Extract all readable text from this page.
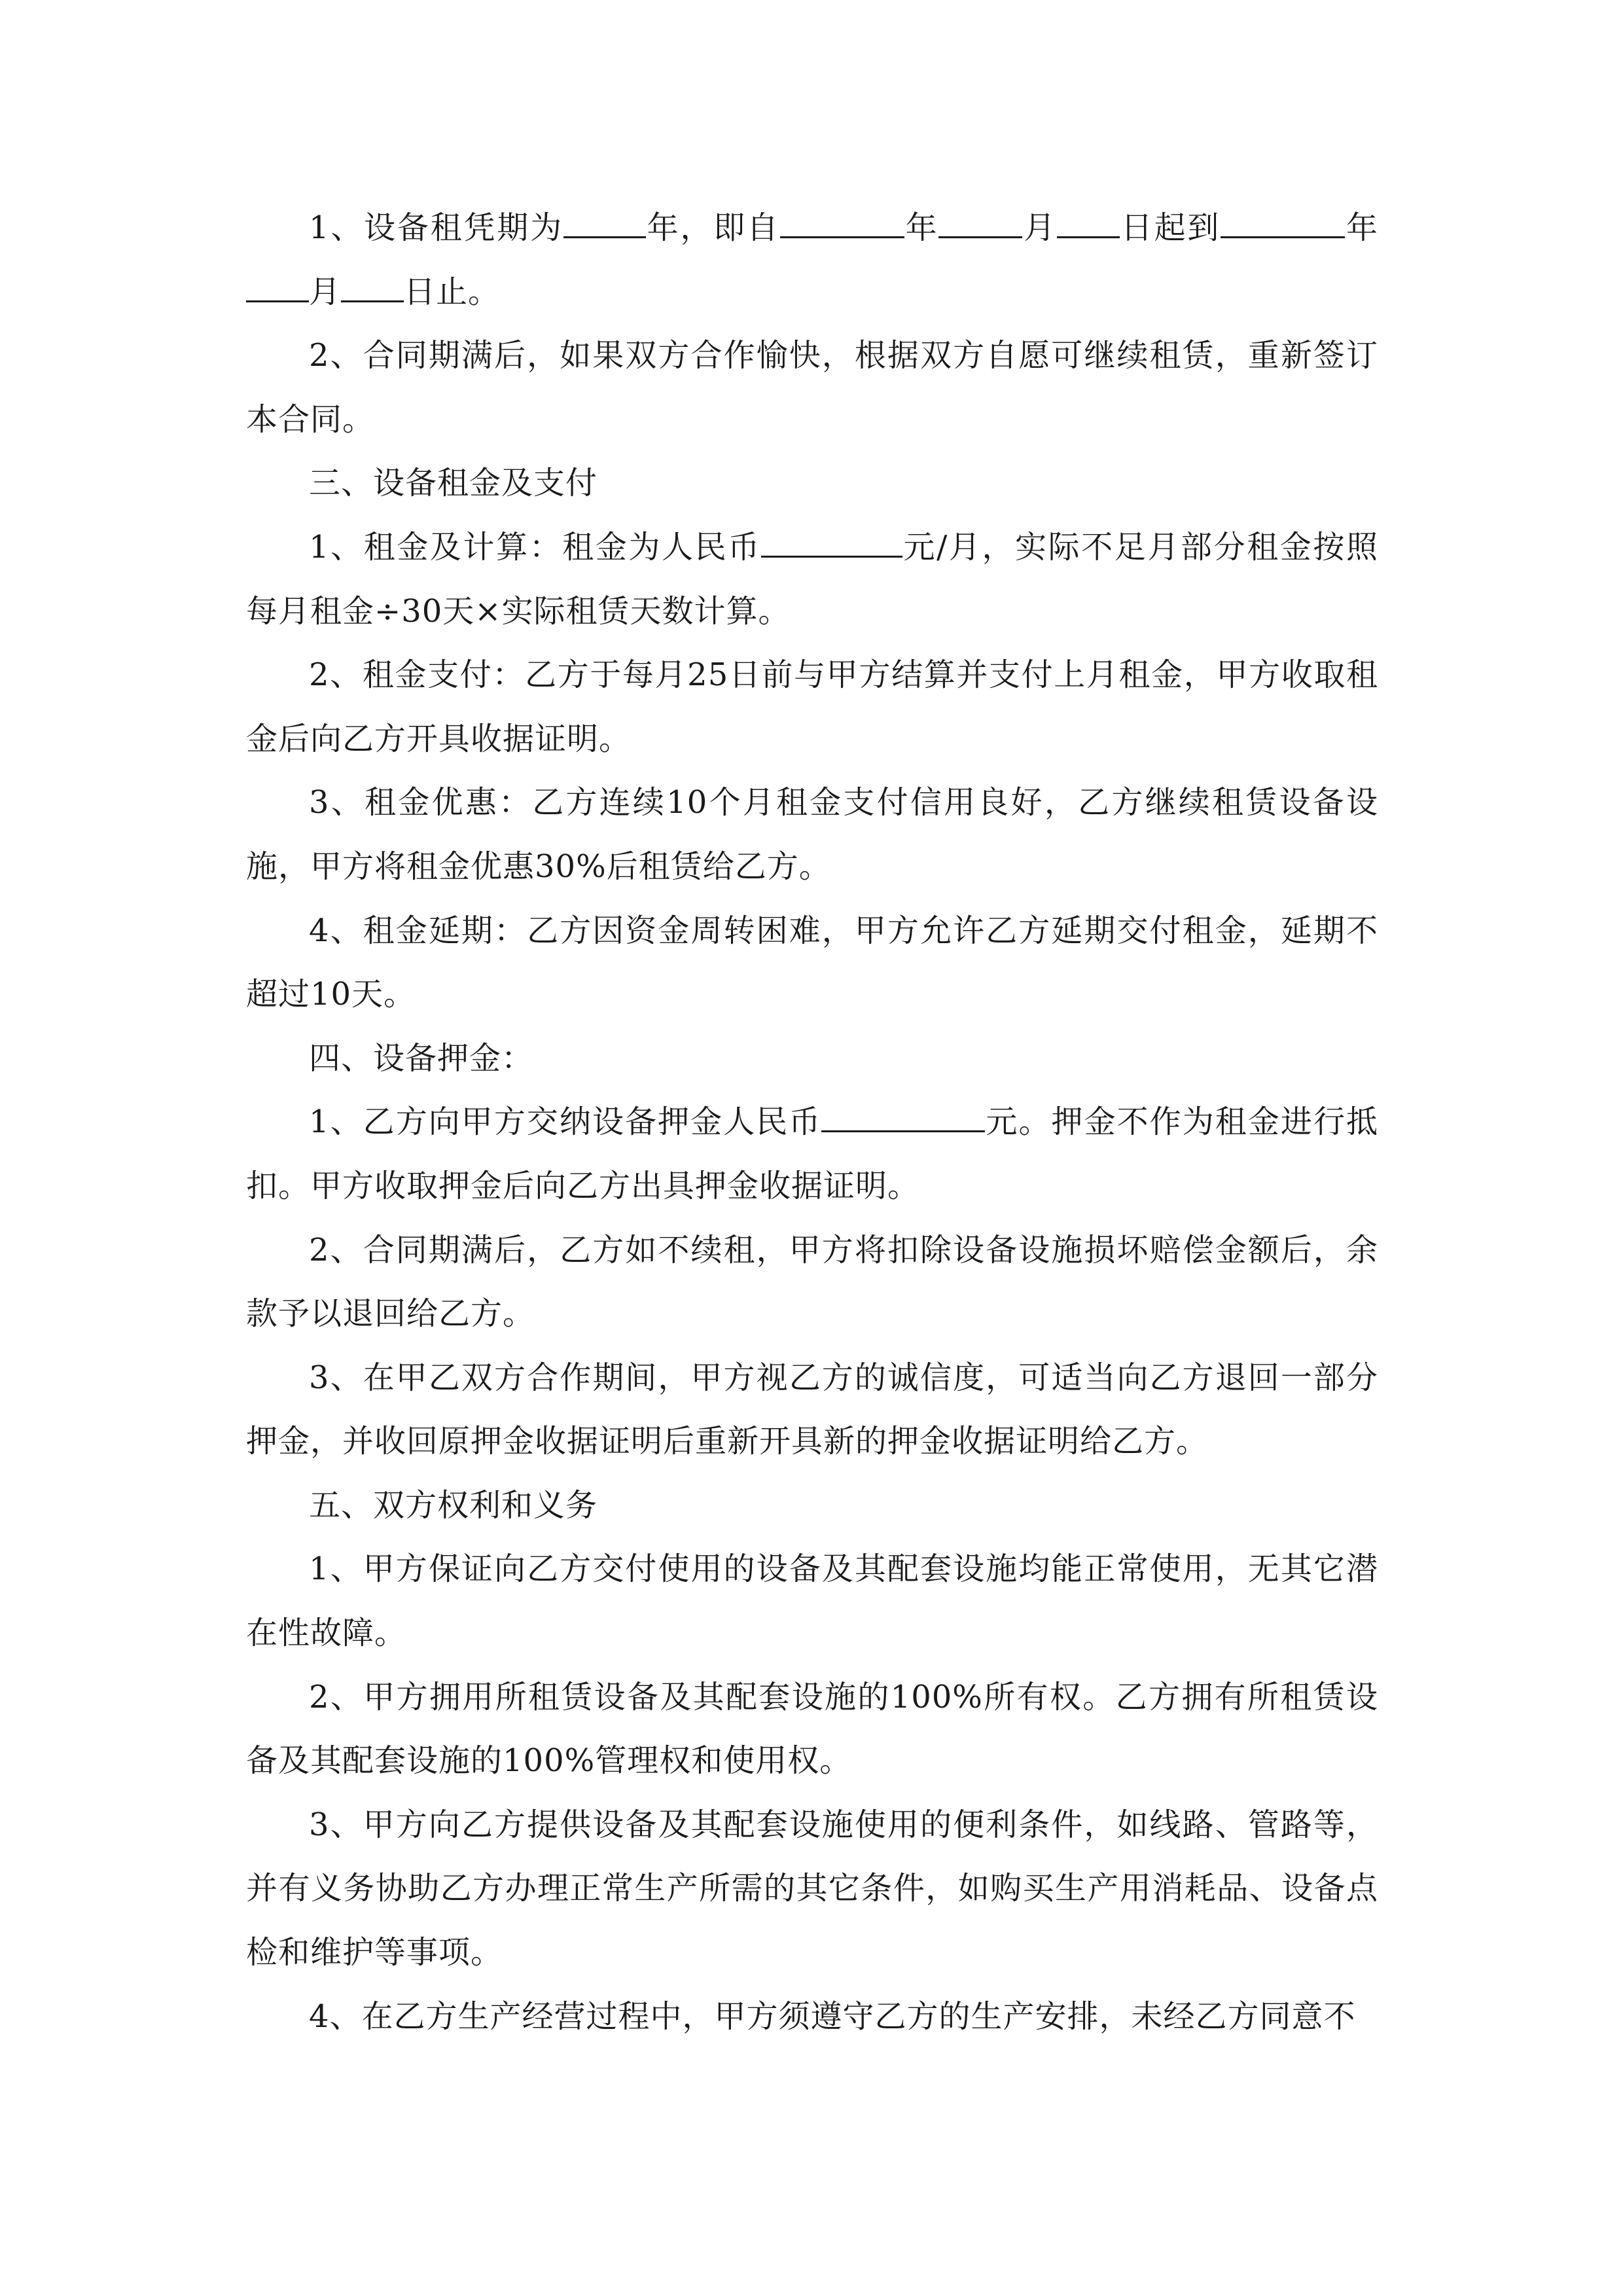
1、设备租凭期为	年，即自	年	月 日起到	年月 日止。

2、合同期满后，如果双方合作愉快，根据双方自愿可继续租赁，重新签订本合同。

三、设备租金及支付

1、租金及计算：租金为人民币	元/月，实际不足月部分租金按照每月租金÷30天×实际租赁天数计算。

2、租金支付：乙方于每月25日前与甲方结算并支付上月租金，甲方收取租金后向乙方开具收据证明。

3、租金优惠：乙方连续10个月租金支付信用良好，乙方继续租赁设备设施，甲方将租金优惠30%后租赁给乙方。

4、租金延期：乙方因资金周转困难，甲方允许乙方延期交付租金，延期不超过10天。

四、设备押金：

1、乙方向甲方交纳设备押金人民币	元。押金不作为租金进行抵扣。甲方收取押金后向乙方出具押金收据证明。

2、合同期满后，乙方如不续租，甲方将扣除设备设施损坏赔偿金额后，余款予以退回给乙方。

3、在甲乙双方合作期间，甲方视乙方的诚信度，可适当向乙方退回一部分押金，并收回原押金收据证明后重新开具新的押金收据证明给乙方。

五、双方权利和义务

1、甲方保证向乙方交付使用的设备及其配套设施均能正常使用，无其它潜在性故障。

2、甲方拥用所租赁设备及其配套设施的100%所有权。乙方拥有所租赁设备及其配套设施的100%管理权和使用权。

3、甲方向乙方提供设备及其配套设施使用的便利条件，如线路、管路等，并有义务协助乙方办理正常生产所需的其它条件，如购买生产用消耗品、设备点检和维护等事项。

4、在乙方生产经营过程中，甲方须遵守乙方的生产安排，未经乙方同意不
